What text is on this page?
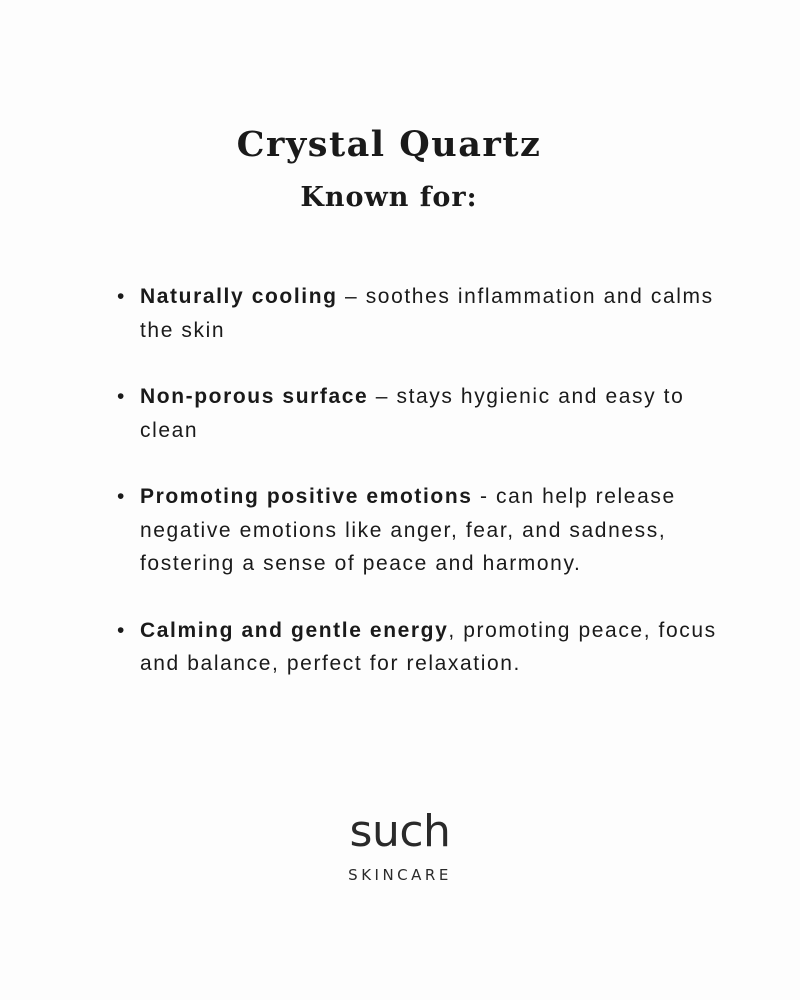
Crystal Quartz
Known for:
• Naturally cooling – soothes inflammation and calms the skin
• Non-porous surface – stays hygienic and easy to clean
• Promoting positive emotions - can help release negative emotions like anger, fear, and sadness, fostering a sense of peace and harmony.
• Calming and gentle energy, promoting peace, focus and balance, perfect for relaxation.
such
SKINCARE
